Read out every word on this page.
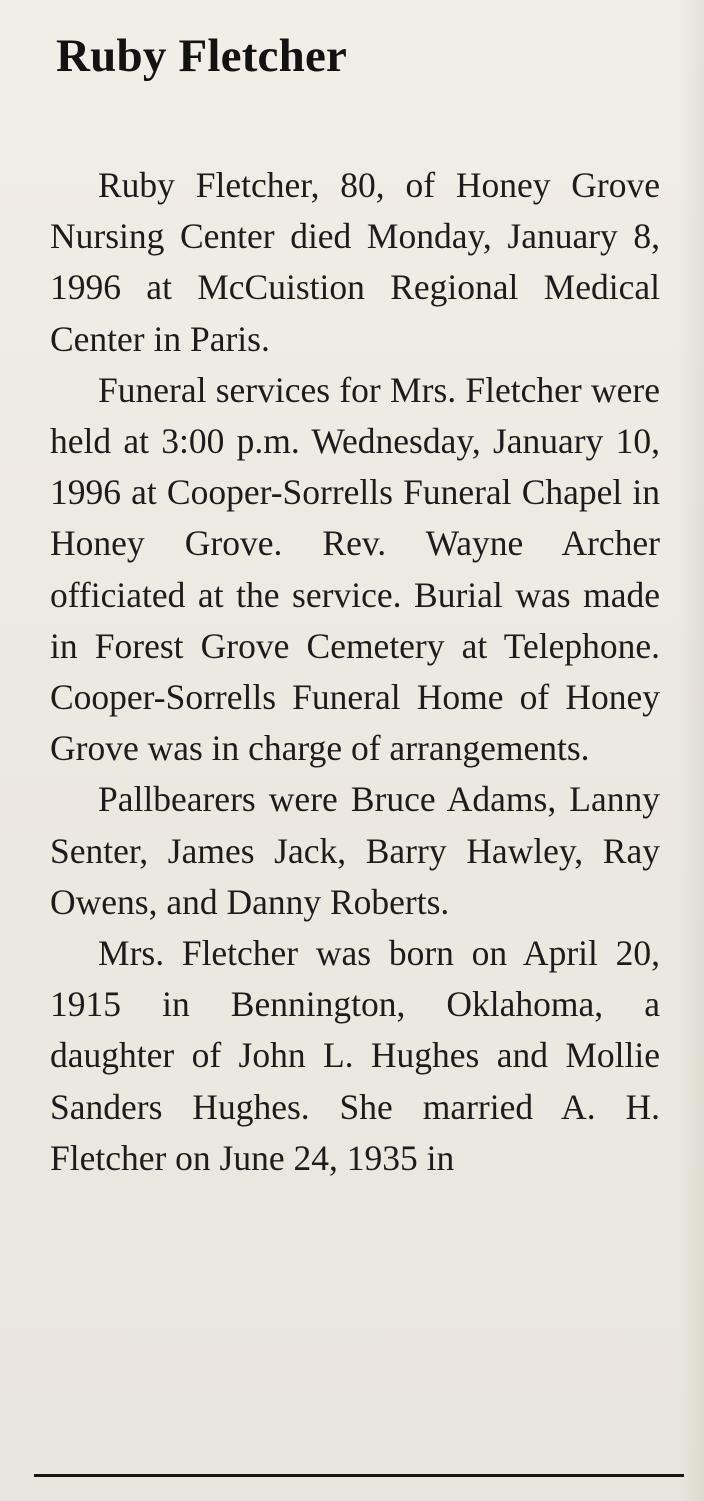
Ruby Fletcher

Ruby Fletcher, 80, of Honey Grove Nursing Center died Monday, January 8, 1996 at McCuistion Regional Medical Center in Paris.

Funeral services for Mrs. Fletcher were held at 3:00 p.m. Wednesday, January 10, 1996 at Cooper-Sorrells Funeral Chapel in Honey Grove. Rev. Wayne Archer officiated at the service. Burial was made in Forest Grove Cemetery at Telephone. Cooper-Sorrells Funeral Home of Honey Grove was in charge of arrangements.

Pallbearers were Bruce Adams, Lanny Senter, James Jack, Barry Hawley, Ray Owens, and Danny Roberts.

Mrs. Fletcher was born on April 20, 1915 in Bennington, Oklahoma, a daughter of John L. Hughes and Mollie Sanders Hughes. She married A. H. Fletcher on June 24, 1935 in
